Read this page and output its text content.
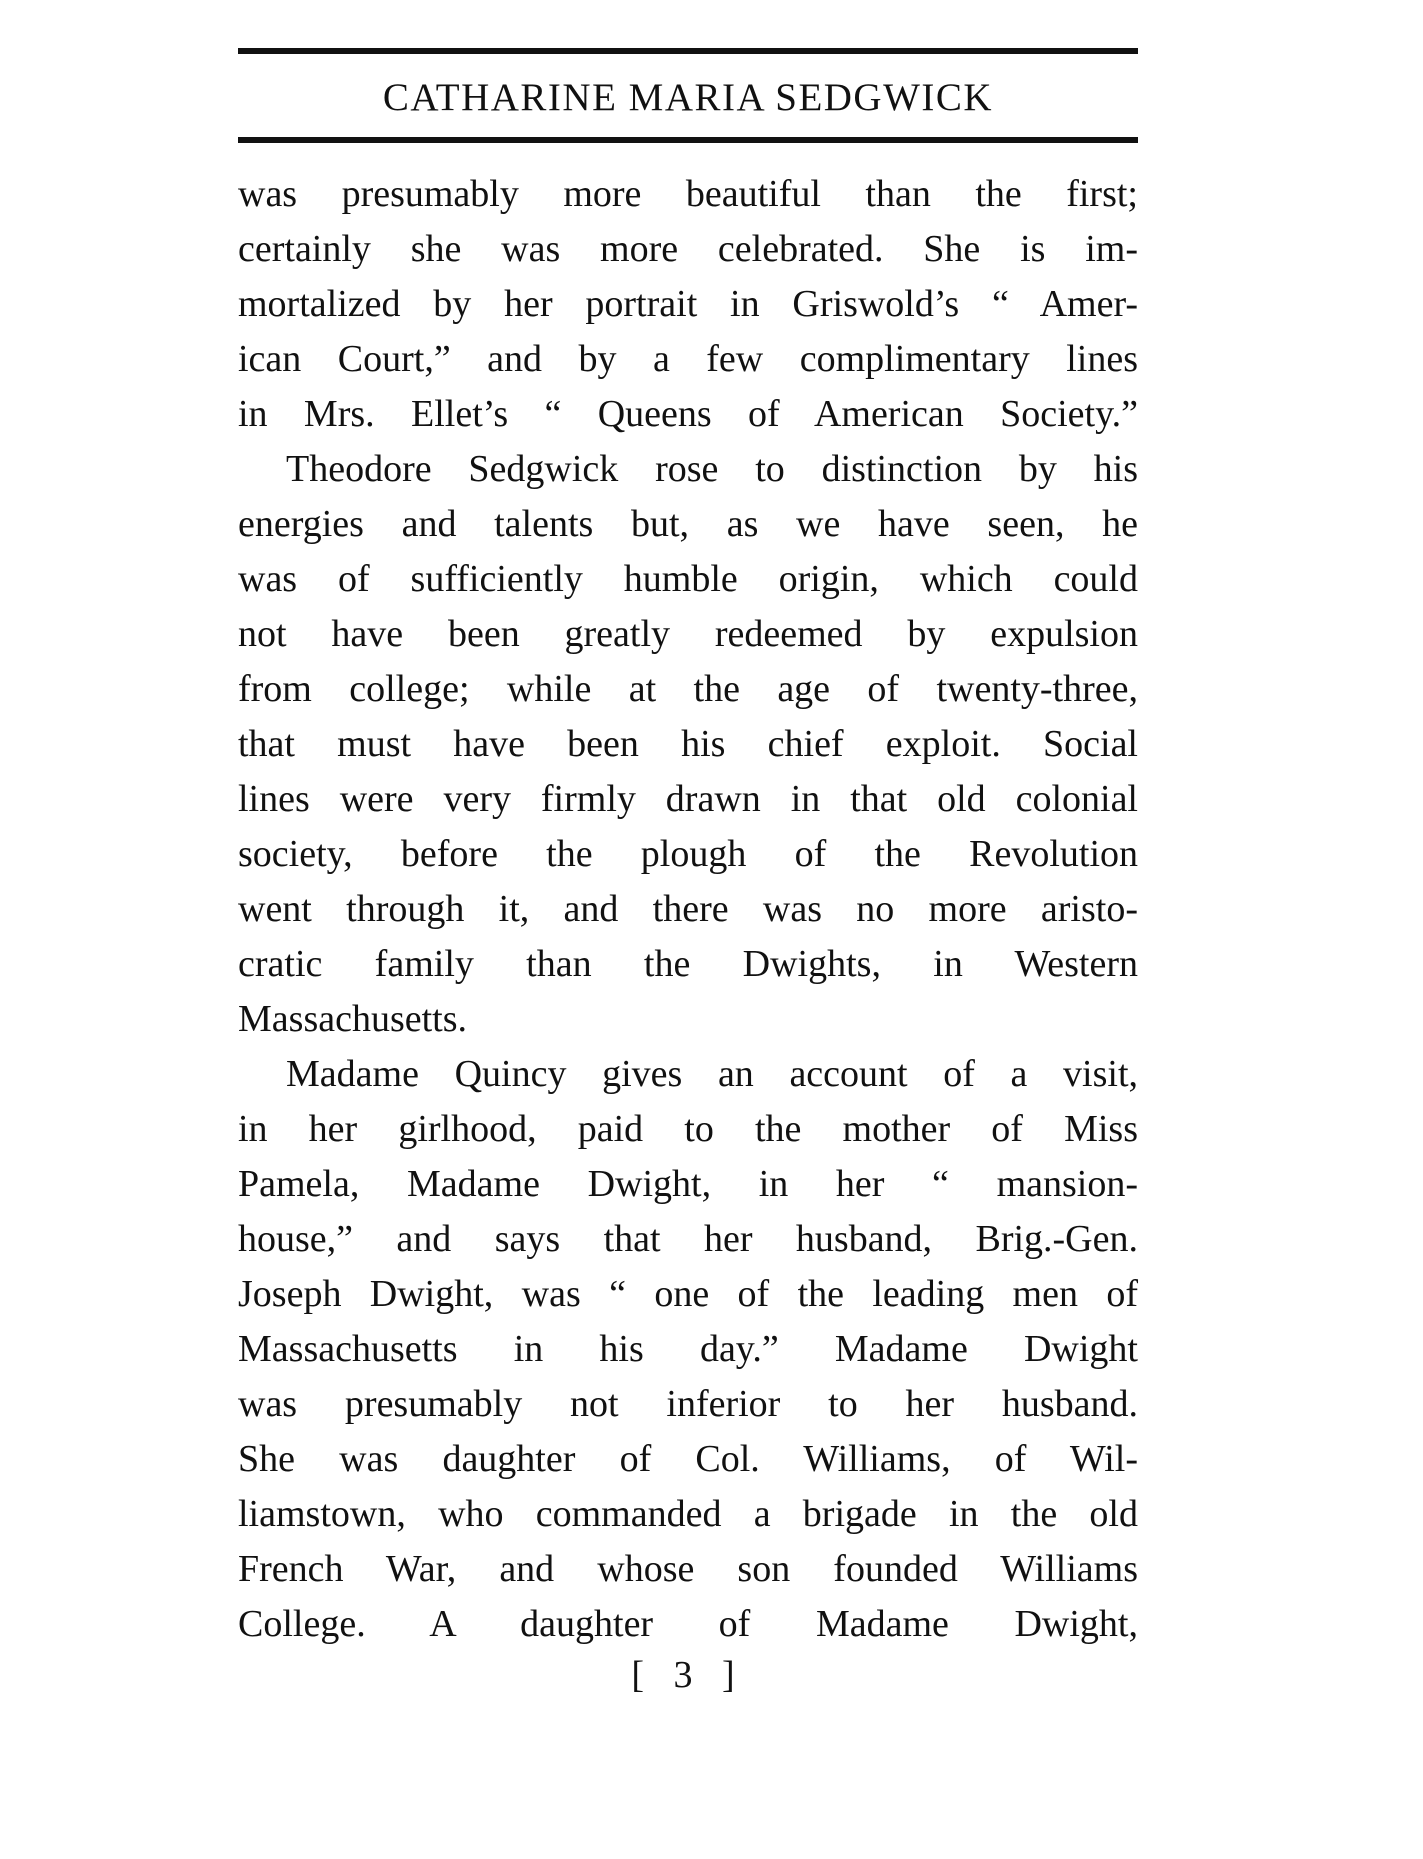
CATHARINE MARIA SEDGWICK
was presumably more beautiful than the first;
certainly she was more celebrated. She is im-
mortalized by her portrait in Griswold’s “ Amer-
ican Court,” and by a few complimentary lines
in Mrs. Ellet’s “ Queens of American Society.”
Theodore Sedgwick rose to distinction by his
energies and talents but, as we have seen, he
was of sufficiently humble origin, which could
not have been greatly redeemed by expulsion
from college; while at the age of twenty-three,
that must have been his chief exploit. Social
lines were very firmly drawn in that old colonial
society, before the plough of the Revolution
went through it, and there was no more aristo-
cratic family than the Dwights, in Western
Massachusetts.
Madame Quincy gives an account of a visit,
in her girlhood, paid to the mother of Miss
Pamela, Madame Dwight, in her “ mansion-
house,” and says that her husband, Brig.-Gen.
Joseph Dwight, was “ one of the leading men of
Massachusetts in his day.” Madame Dwight
was presumably not inferior to her husband.
She was daughter of Col. Williams, of Wil-
liamstown, who commanded a brigade in the old
French War, and whose son founded Williams
College. A daughter of Madame Dwight,
[ 3 ]
